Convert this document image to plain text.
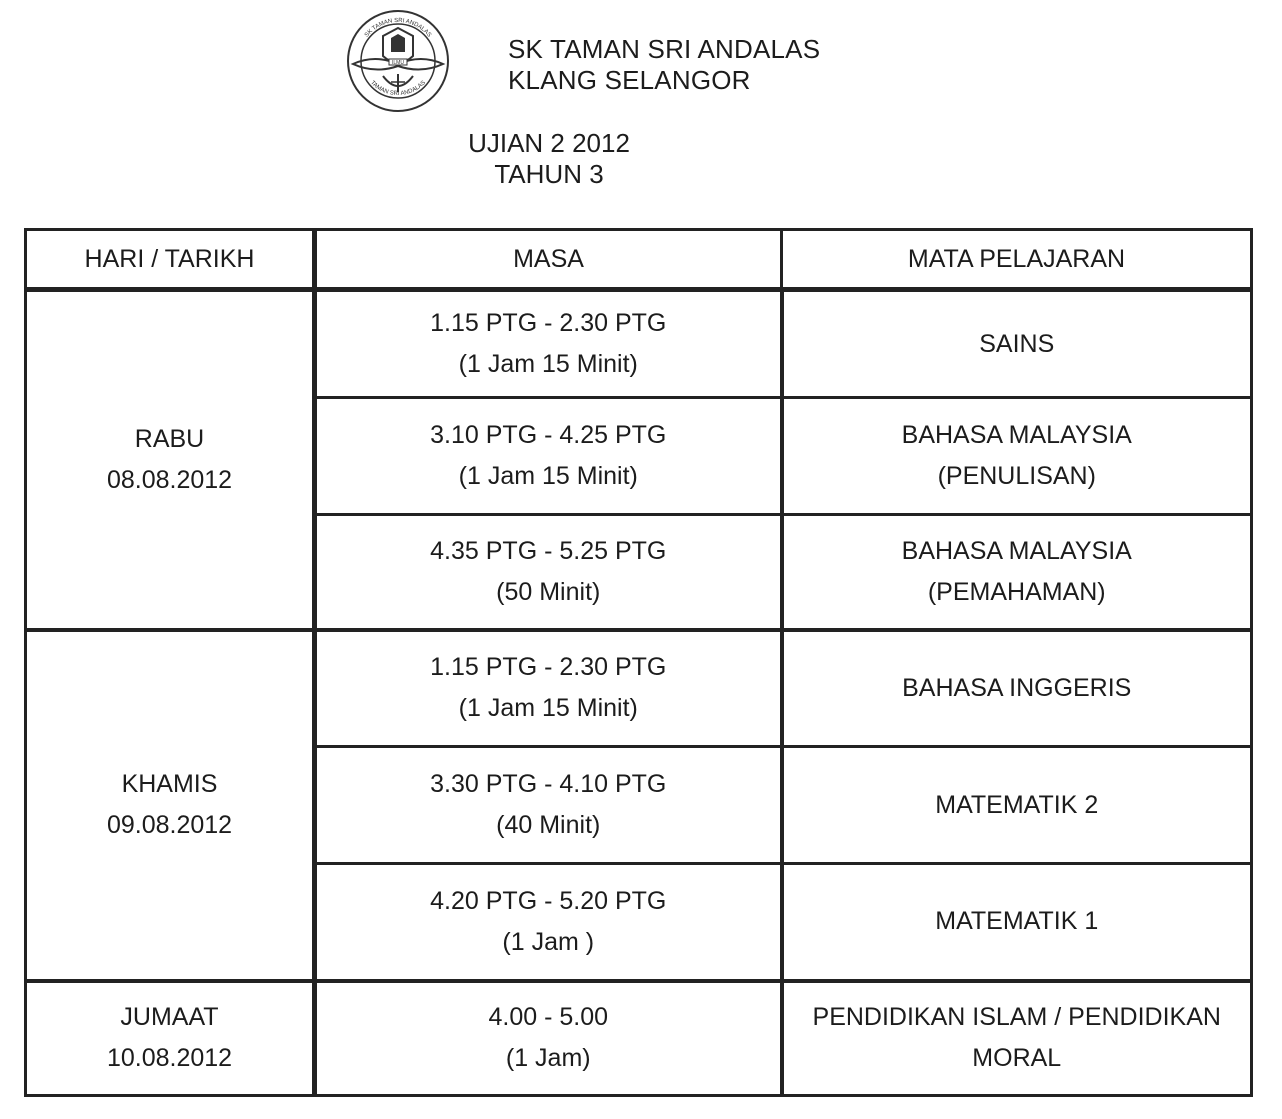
SK TAMAN SRI ANDALAS
ILMU
TAMAN SRI ANDALAS
SK TAMAN SRI ANDALAS
KLANG SELANGOR
UJIAN 2 2012
TAHUN 3
HARI / TARIKH	MASA	MATA PELAJARAN

RABU
08.08.2012	1.15 PTG - 2.30 PTG
(1 Jam 15 Minit)	SAINS

	3.10 PTG - 4.25 PTG
(1 Jam 15 Minit)	BAHASA MALAYSIA
(PENULISAN)

	4.35 PTG - 5.25 PTG
(50 Minit)	BAHASA MALAYSIA
(PEMAHAMAN)

KHAMIS
09.08.2012	1.15 PTG - 2.30 PTG
(1 Jam 15 Minit)	BAHASA INGGERIS

	3.30 PTG - 4.10 PTG
(40 Minit)	MATEMATIK 2

	4.20 PTG - 5.20 PTG
(1 Jam )	MATEMATIK 1

JUMAAT
10.08.2012	4.00 - 5.00
(1 Jam)	PENDIDIKAN ISLAM / PENDIDIKAN
MORAL
